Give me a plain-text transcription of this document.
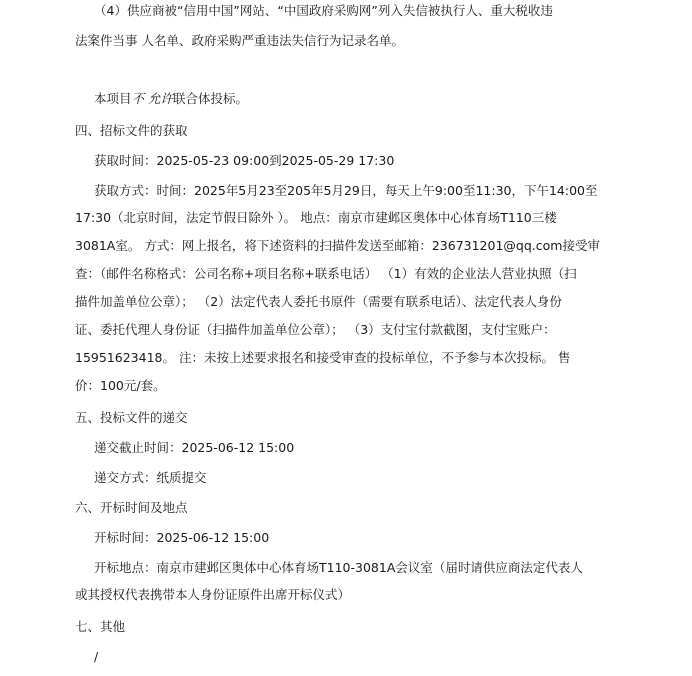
（4）供应商被“信用中国”网站、“中国政府采购网”列入失信被执行人、重大税收违
法案件当事 人名单、政府采购严重违法失信行为记录名单。
本项目不 允许联合体投标。
四、招标文件的获取
获取时间：2025-05-23 09:00到2025-05-29 17:30
获取方式：时间：2025年5月23至205年5月29日，每天上午9:00至11:30，下午14:00至
17:30（北京时间，法定节假日除外 ）。 地点：南京市建邺区奥体中心体育场T110三楼
3081A室。 方式：网上报名，将下述资料的扫描件发送至邮箱：236731201@qq.com接受审
查：（邮件名称格式：公司名称+项目名称+联系电话） （1）有效的企业法人营业执照（扫
描件加盖单位公章）； （2）法定代表人委托书原件（需要有联系电话）、法定代表人身份
证、委托代理人身份证（扫描件加盖单位公章）； （3）支付宝付款截图，支付宝账户：
15951623418。 注：未按上述要求报名和接受审查的投标单位，不予参与本次投标。 售
价：100元/套。
五、投标文件的递交
递交截止时间：2025-06-12 15:00
递交方式：纸质提交
六、开标时间及地点
开标时间：2025-06-12 15:00
开标地点：南京市建邺区奥体中心体育场T110-3081A会议室（届时请供应商法定代表人
或其授权代表携带本人身份证原件出席开标仪式）
七、其他
/
